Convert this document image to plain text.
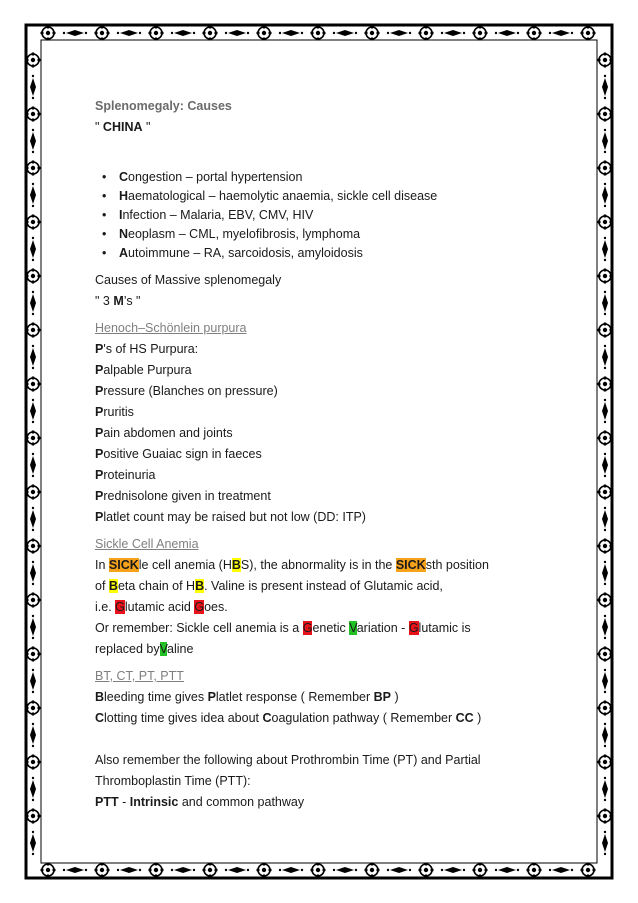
Splenomegaly: Causes
" CHINA "
• Congestion – portal hypertension
• Haematological – haemolytic anaemia, sickle cell disease
• Infection – Malaria, EBV, CMV, HIV
• Neoplasm – CML, myelofibrosis, lymphoma
• Autoimmune – RA, sarcoidosis, amyloidosis
Causes of Massive splenomegaly
" 3 M’s "
Henoch–Schönlein purpura
P's of HS Purpura:
Palpable Purpura
Pressure (Blanches on pressure)
Pruritis
Pain abdomen and joints
Positive Guaiac sign in faeces
Proteinuria
Prednisolone given in treatment
Platlet count may be raised but not low (DD: ITP)
Sickle Cell Anemia
In SICKle cell anemia (HBS), the abnormality is in the SICKsth position
of Beta chain of HB. Valine is present instead of Glutamic acid,
i.e. Glutamic acid Goes.
Or remember: Sickle cell anemia is a Genetic Variation - Glutamic is
replaced byValine
BT, CT, PT, PTT
Bleeding time gives Platlet response ( Remember BP )
Clotting time gives idea about Coagulation pathway ( Remember CC )
Also remember the following about Prothrombin Time (PT) and Partial
Thromboplastin Time (PTT):
PTT - Intrinsic and common pathway
